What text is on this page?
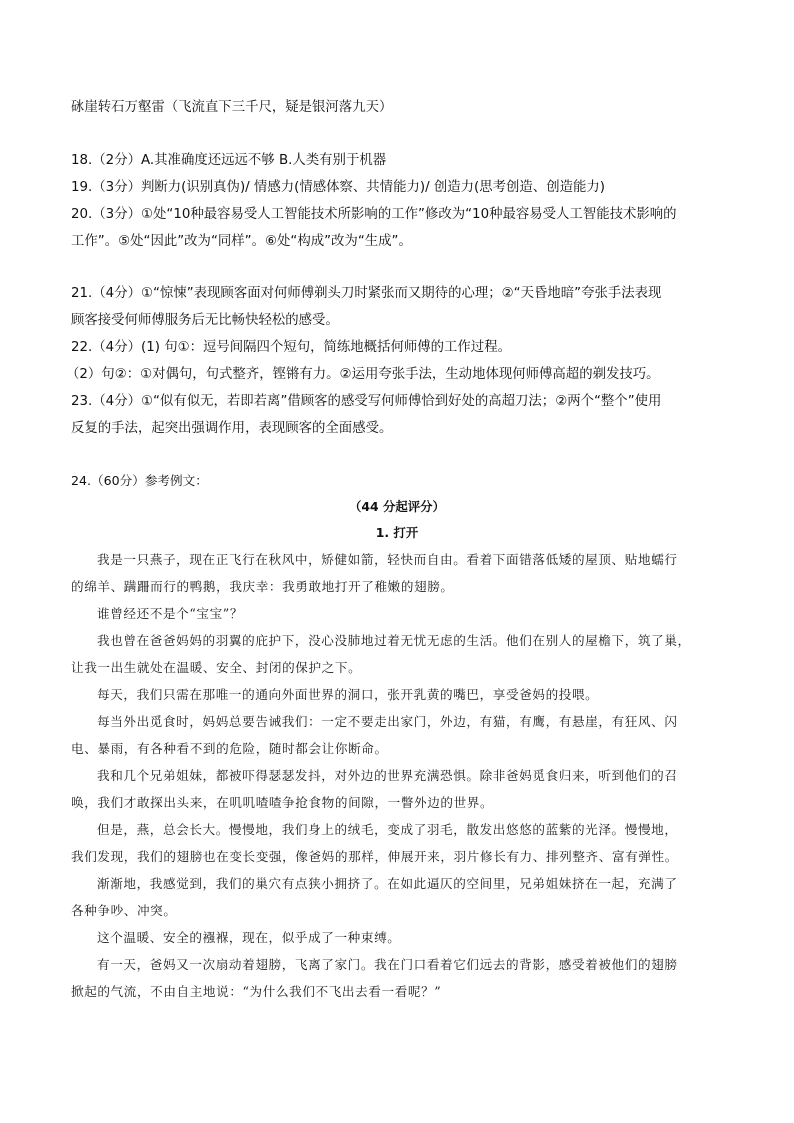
砯崖转石万壑雷（飞流直下三千尺，疑是银河落九天）
18.（2分）A.其准确度还远远不够 B.人类有别于机器
19.（3分）判断力(识别真伪)/ 情感力(情感体察、共情能力)/ 创造力(思考创造、创造能力)
20.（3分）①处“10种最容易受人工智能技术所影响的工作”修改为“10种最容易受人工智能技术影响的
工作”。⑤处“因此”改为“同样”。⑥处“构成”改为“生成”。
21.（4分）①“惊悚”表现顾客面对何师傅剃头刀时紧张而又期待的心理；②“天昏地暗”夸张手法表现
顾客接受何师傅服务后无比畅快轻松的感受。
22.（4分）(1) 句①：逗号间隔四个短句，简练地概括何师傅的工作过程。
（2）句②：①对偶句，句式整齐，铿锵有力。②运用夸张手法，生动地体现何师傅高超的剃发技巧。
23.（4分）①“似有似无，若即若离”借顾客的感受写何师傅恰到好处的高超刀法；②两个“整个”使用
反复的手法，起突出强调作用，表现顾客的全面感受。
24.（60分）参考例文：
（44 分起评分）
1. 打开
我是一只燕子，现在正飞行在秋风中，矫健如箭，轻快而自由。看着下面错落低矮的屋顶、贴地蠕行
的绵羊、蹒跚而行的鸭鹅，我庆幸：我勇敢地打开了稚嫩的翅膀。
谁曾经还不是个“宝宝”？
我也曾在爸爸妈妈的羽翼的庇护下，没心没肺地过着无忧无虑的生活。他们在别人的屋檐下，筑了巢，
让我一出生就处在温暖、安全、封闭的保护之下。
每天，我们只需在那唯一的通向外面世界的洞口，张开乳黄的嘴巴，享受爸妈的投喂。
每当外出觅食时，妈妈总要告诫我们：一定不要走出家门，外边，有猫，有鹰，有悬崖，有狂风、闪
电、暴雨，有各种看不到的危险，随时都会让你断命。
我和几个兄弟姐妹，都被吓得瑟瑟发抖，对外边的世界充满恐惧。除非爸妈觅食归来，听到他们的召
唤，我们才敢探出头来，在叽叽喳喳争抢食物的间隙，一瞥外边的世界。
但是，燕，总会长大。慢慢地，我们身上的绒毛，变成了羽毛，散发出悠悠的蓝紫的光泽。慢慢地，
我们发现，我们的翅膀也在变长变强，像爸妈的那样，伸展开来，羽片修长有力、排列整齐、富有弹性。
渐渐地，我感觉到，我们的巢穴有点狭小拥挤了。在如此逼仄的空间里，兄弟姐妹挤在一起，充满了
各种争吵、冲突。
这个温暖、安全的襁褓，现在，似乎成了一种束缚。
有一天，爸妈又一次扇动着翅膀，飞离了家门。我在门口看着它们远去的背影，感受着被他们的翅膀
掀起的气流，不由自主地说：“为什么我们不飞出去看一看呢？”
